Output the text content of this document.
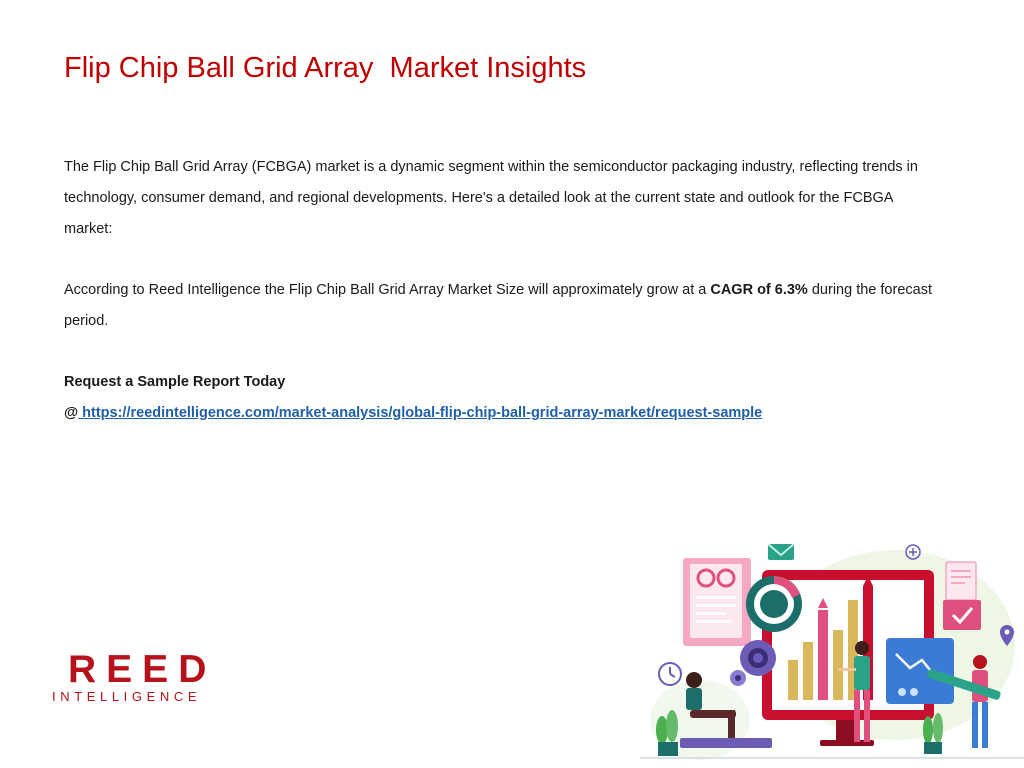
Flip Chip Ball Grid Array  Market Insights
The Flip Chip Ball Grid Array (FCBGA) market is a dynamic segment within the semiconductor packaging industry, reflecting trends in technology, consumer demand, and regional developments. Here's a detailed look at the current state and outlook for the FCBGA market:
According to Reed Intelligence the Flip Chip Ball Grid Array Market Size will approximately grow at a CAGR of 6.3% during the forecast period.
Request a Sample Report Today
@ https://reedintelligence.com/market-analysis/global-flip-chip-ball-grid-array-market/request-sample
REED
INTELLIGENCE
